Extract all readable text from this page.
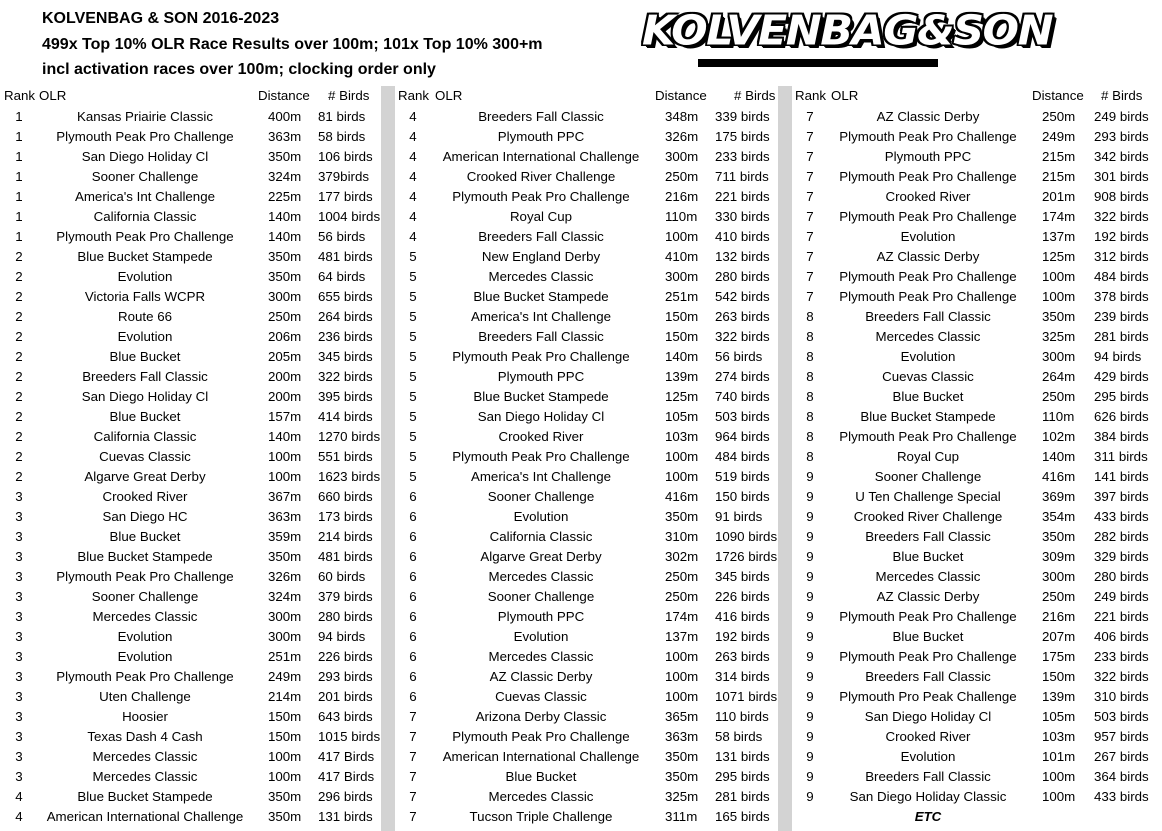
KOLVENBAG & SON 2016-2023
499x Top 10% OLR Race Results over 100m; 101x Top 10% 300+m
incl activation races over 100m; clocking order only
KOLVENBAG&SON
Rank OLR	Distance # Birds Rank OLR	Distance # Birds Rank OLR	Distance # Birds
1	Kansas Priairie Classic	400m 81 birds
1	Plymouth Peak Pro Challenge	363m 58 birds
1	San Diego Holiday Cl	350m 106 birds
1	Sooner Challenge	324m 379birds
1	America's Int Challenge	225m 177 birds
1	California Classic	140m 1004 birds
1	Plymouth Peak Pro Challenge	140m 56 birds
2	Blue Bucket Stampede	350m 481 birds
2	Evolution	350m 64 birds
2	Victoria Falls WCPR	300m 655 birds
2	Route 66	250m 264 birds
2	Evolution	206m 236 birds
2	Blue Bucket	205m 345 birds
2	Breeders Fall Classic	200m 322 birds
2	San Diego Holiday Cl	200m 395 birds
2	Blue Bucket	157m 414 birds
2	California Classic	140m 1270 birds
2	Cuevas Classic	100m 551 birds
2	Algarve Great Derby	100m 1623 birds
3	Crooked River	367m 660 birds
3	San Diego HC	363m 173 birds
3	Blue Bucket	359m 214 birds
3	Blue Bucket Stampede	350m 481 birds
3	Plymouth Peak Pro Challenge	326m 60 birds
3	Sooner Challenge	324m 379 birds
3	Mercedes Classic	300m 280 birds
3	Evolution	300m 94 birds
3	Evolution	251m 226 birds
3	Plymouth Peak Pro Challenge	249m 293 birds
3	Uten Challenge	214m 201 birds
3	Hoosier	150m 643 birds
3	Texas Dash 4 Cash	150m 1015 birds
3	Mercedes Classic	100m 417 Birds
3	Mercedes Classic	100m 417 Birds
4	Blue Bucket Stampede	350m 296 birds
4	American International Challenge	350m 131 birds
4	Breeders Fall Classic	348m 339 birds
4	Plymouth PPC	326m 175 birds
4	American International Challenge	300m 233 birds
4	Crooked River Challenge	250m 711 birds
4	Plymouth Peak Pro Challenge	216m 221 birds
4	Royal Cup	110m 330 birds
4	Breeders Fall Classic	100m 410 birds
5	New England Derby	410m 132 birds
5	Mercedes Classic	300m 280 birds
5	Blue Bucket Stampede	251m 542 birds
5	America's Int Challenge	150m 263 birds
5	Breeders Fall Classic	150m 322 birds
5	Plymouth Peak Pro Challenge	140m 56 birds
5	Plymouth PPC	139m 274 birds
5	Blue Bucket Stampede	125m 740 birds
5	San Diego Holiday Cl	105m 503 birds
5	Crooked River	103m 964 birds
5	Plymouth Peak Pro Challenge	100m 484 birds
5	America's Int Challenge	100m 519 birds
6	Sooner Challenge	416m 150 birds
6	Evolution	350m 91 birds
6	California Classic	310m 1090 birds
6	Algarve Great Derby	302m 1726 birds
6	Mercedes Classic	250m 345 birds
6	Sooner Challenge	250m 226 birds
6	Plymouth PPC	174m 416 birds
6	Evolution	137m 192 birds
6	Mercedes Classic	100m 263 birds
6	AZ Classic Derby	100m 314 birds
6	Cuevas Classic	100m 1071 birds
7	Arizona Derby Classic	365m 110 birds
7	Plymouth Peak Pro Challenge	363m 58 birds
7	American International Challenge	350m 131 birds
7	Blue Bucket	350m 295 birds
7	Mercedes Classic	325m 281 birds
7	Tucson Triple Challenge	311m 165 birds
7	AZ Classic Derby	250m 249 birds
7	Plymouth Peak Pro Challenge	249m 293 birds
7	Plymouth PPC	215m 342 birds
7	Plymouth Peak Pro Challenge	215m 301 birds
7	Crooked River	201m 908 birds
7	Plymouth Peak Pro Challenge	174m 322 birds
7	Evolution	137m 192 birds
7	AZ Classic Derby	125m 312 birds
7	Plymouth Peak Pro Challenge	100m 484 birds
7	Plymouth Peak Pro Challenge	100m 378 birds
8	Breeders Fall Classic	350m 239 birds
8	Mercedes Classic	325m 281 birds
8	Evolution	300m 94 birds
8	Cuevas Classic	264m 429 birds
8	Blue Bucket	250m 295 birds
8	Blue Bucket Stampede	110m 626 birds
8	Plymouth Peak Pro Challenge	102m 384 birds
8	Royal Cup	140m 311 birds
9	Sooner Challenge	416m 141 birds
9	U Ten Challenge Special	369m 397 birds
9	Crooked River Challenge	354m 433 birds
9	Breeders Fall Classic	350m 282 birds
9	Blue Bucket	309m 329 birds
9	Mercedes Classic	300m 280 birds
9	AZ Classic Derby	250m 249 birds
9	Plymouth Peak Pro Challenge	216m 221 birds
9	Blue Bucket	207m 406 birds
9	Plymouth Peak Pro Challenge	175m 233 birds
9	Breeders Fall Classic	150m 322 birds
9	Plymouth Pro Peak Challenge	139m 310 birds
9	San Diego Holiday Cl	105m 503 birds
9	Crooked River	103m 957 birds
9	Evolution	101m 267 birds
9	Breeders Fall Classic	100m 364 birds
9	San Diego Holiday Classic	100m 433 birds
ETC
